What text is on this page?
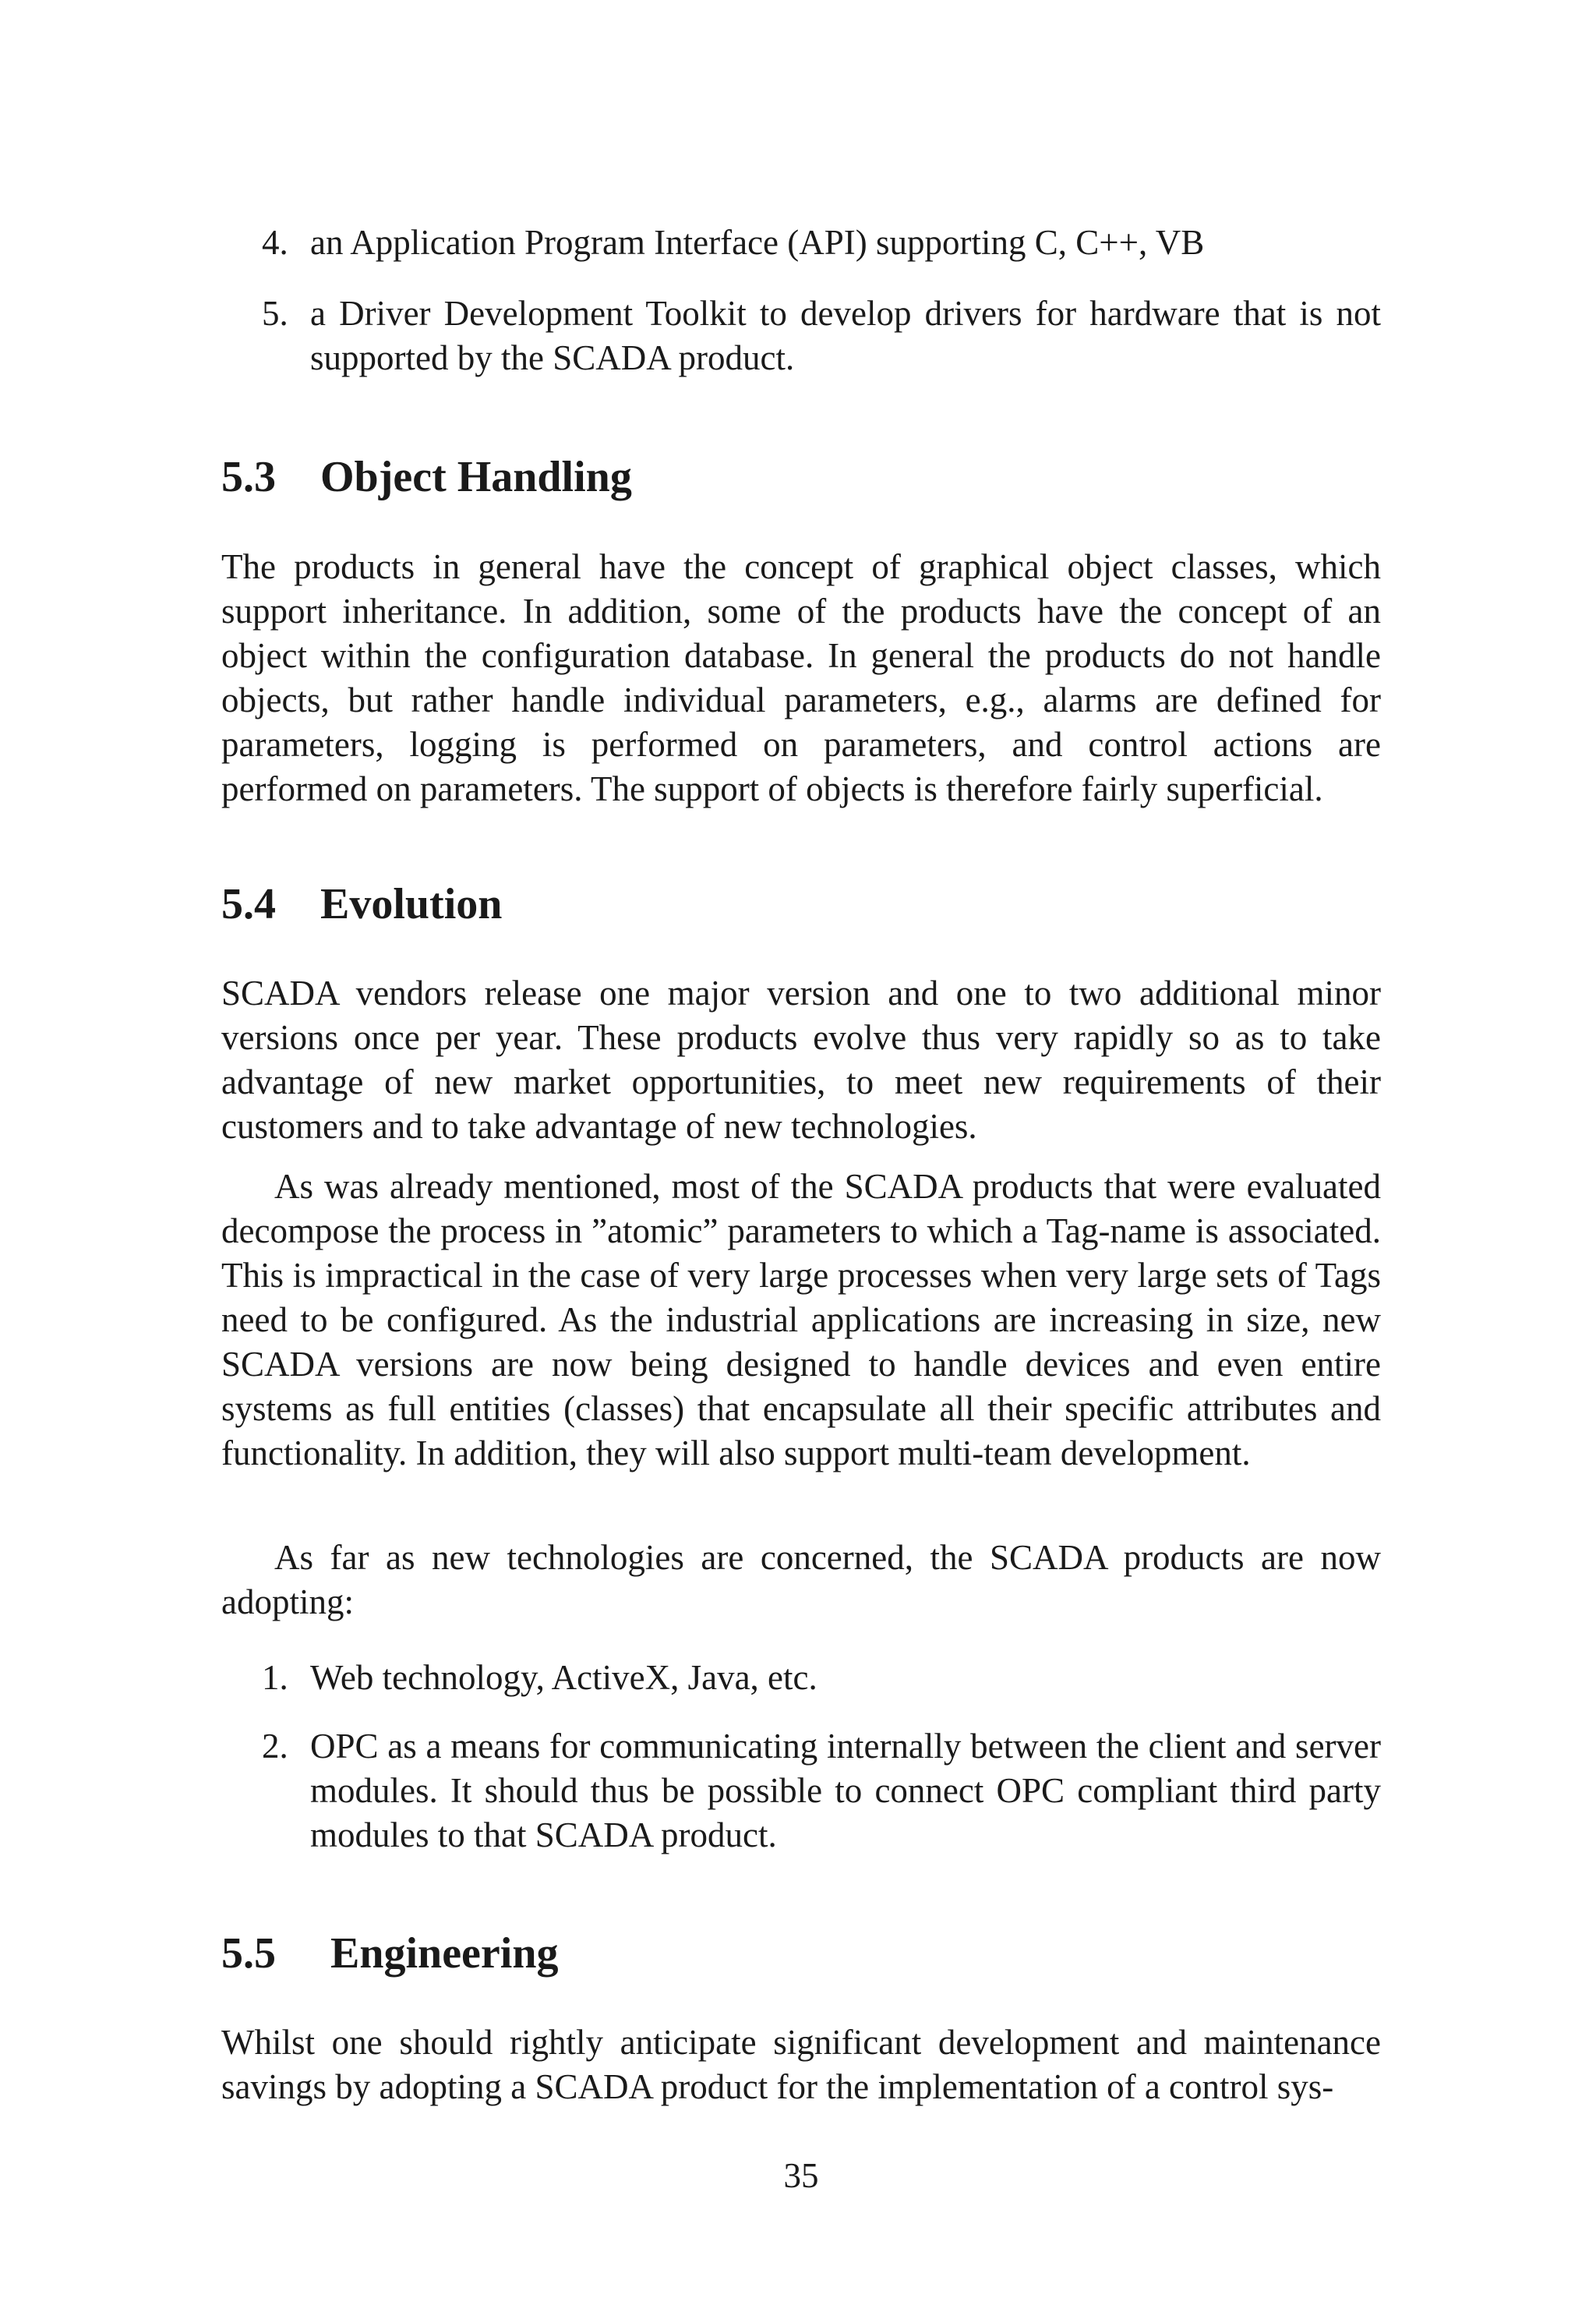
4. an Application Program Interface (API) supporting C, C++, VB
5. a Driver Development Toolkit to develop drivers for hardware that is not supported by the SCADA product.
5.3 Object Handling

The products in general have the concept of graphical object classes, which support inheritance. In addition, some of the products have the concept of an object within the configuration database. In general the products do not handle objects, but rather handle individual parameters, e.g., alarms are defined for parameters, logging is performed on parameters, and control actions are performed on parameters. The support of objects is therefore fairly superficial.

5.4 Evolution

SCADA vendors release one major version and one to two additional minor versions once per year. These products evolve thus very rapidly so as to take advantage of new market opportunities, to meet new requirements of their customers and to take advantage of new technologies.

As was already mentioned, most of the SCADA products that were evaluated decompose the process in ”atomic” parameters to which a Tag-name is associated. This is impractical in the case of very large processes when very large sets of Tags need to be configured. As the industrial applications are increasing in size, new SCADA versions are now being designed to handle devices and even entire systems as full entities (classes) that encapsulate all their specific attributes and functionality. In addition, they will also support multi-team development.

As far as new technologies are concerned, the SCADA products are now adopting:

1. Web technology, ActiveX, Java, etc.
2. OPC as a means for communicating internally between the client and server modules. It should thus be possible to connect OPC compliant third party modules to that SCADA product.
5.5 Engineering

Whilst one should rightly anticipate significant development and maintenance savings by adopting a SCADA product for the implementation of a control sys-

35
